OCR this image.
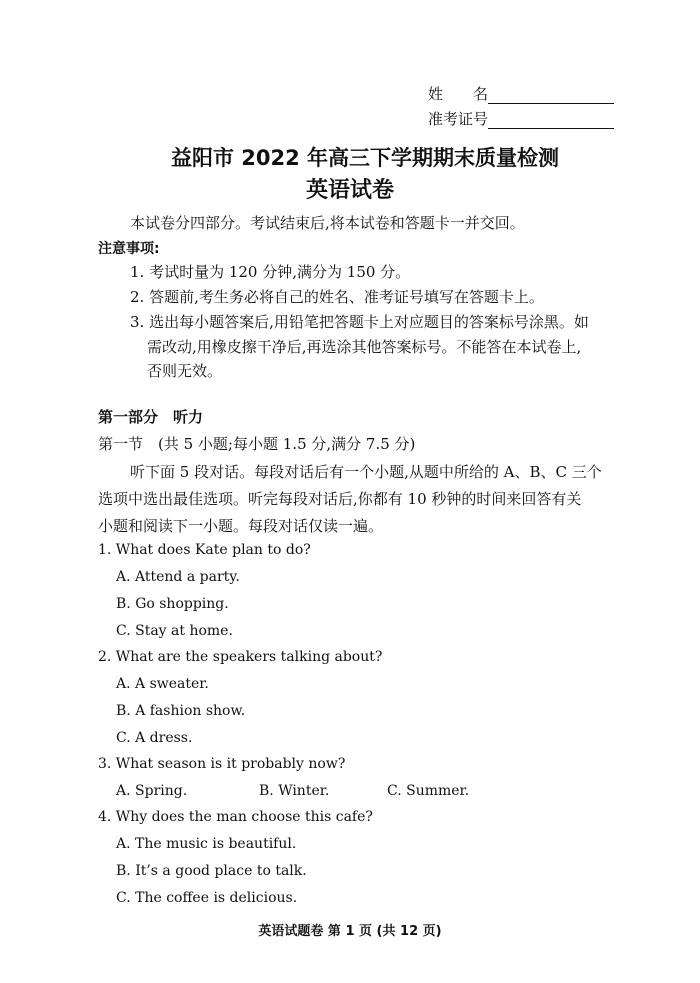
姓　　名
准考证号
益阳市 2022 年高三下学期期末质量检测
英语试卷
本试卷分四部分。考试结束后,将本试卷和答题卡一并交回。
注意事项:
1. 考试时量为 120 分钟,满分为 150 分。
2. 答题前,考生务必将自己的姓名、准考证号填写在答题卡上。
3. 选出每小题答案后,用铅笔把答题卡上对应题目的答案标号涂黑。如
需改动,用橡皮擦干净后,再选涂其他答案标号。不能答在本试卷上,
否则无效。
第一部分　听力
第一节　(共 5 小题;每小题 1.5 分,满分 7.5 分)
听下面 5 段对话。每段对话后有一个小题,从题中所给的 A、B、C 三个
选项中选出最佳选项。听完每段对话后,你都有 10 秒钟的时间来回答有关
小题和阅读下一小题。每段对话仅读一遍。
1. What does Kate plan to do?
A. Attend a party.
B. Go shopping.
C. Stay at home.
2. What are the speakers talking about?
A. A sweater.
B. A fashion show.
C. A dress.
3. What season is it probably now?
A. Spring.	B. Winter.	C. Summer.
4. Why does the man choose this cafe?
A. The music is beautiful.
B. It’s a good place to talk.
C. The coffee is delicious.
英语试题卷 第 1 页 (共 12 页)
